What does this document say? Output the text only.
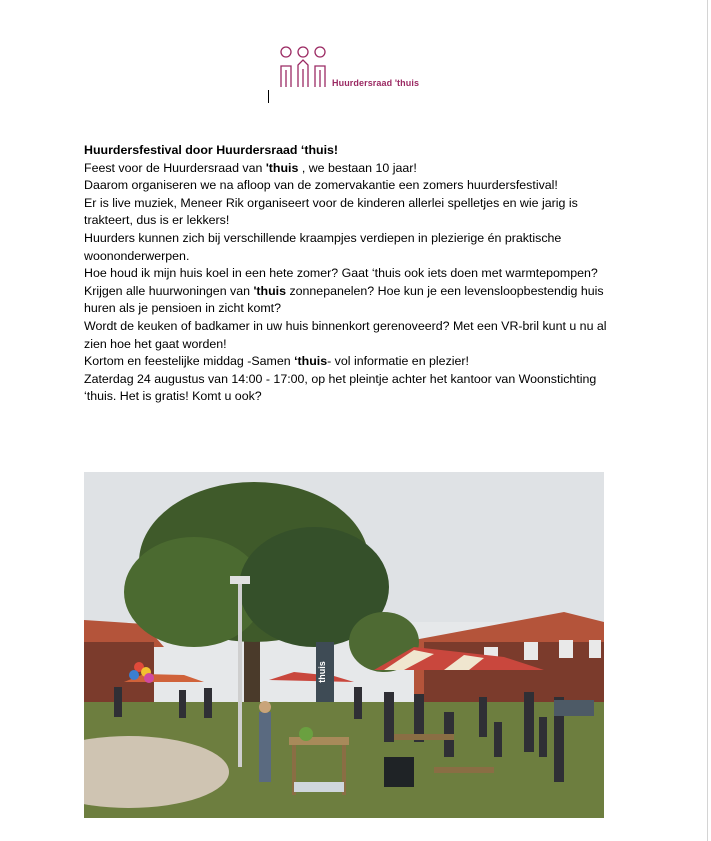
Huurdersraad 'thuis

Huurdersfestival door Huurdersraad ‘thuis!

Feest voor de Huurdersraad van 'thuis , we bestaan 10 jaar!

Daarom organiseren we na afloop van de zomervakantie een zomers huurdersfestival!

Er is live muziek, Meneer Rik organiseert voor de kinderen allerlei spelletjes en wie jarig is trakteert, dus is er lekkers!

Huurders kunnen zich bij verschillende kraampjes verdiepen in plezierige én praktische woononderwerpen.

Hoe houd ik mijn huis koel in een hete zomer? Gaat ‘thuis ook iets doen met warmtepompen?

Krijgen alle huurwoningen van 'thuis zonnepanelen? Hoe kun je een levensloopbestendig huis huren als je pensioen in zicht komt?

Wordt de keuken of badkamer in uw huis binnenkort gerenoveerd? Met een VR-bril kunt u nu al zien hoe het gaat worden!

Kortom en feestelijke middag -Samen ‘thuis- vol informatie en plezier!

Zaterdag 24 augustus van 14:00 - 17:00, op het pleintje achter het kantoor van Woonstichting ‘thuis. Het is gratis! Komt u ook?

thuis
